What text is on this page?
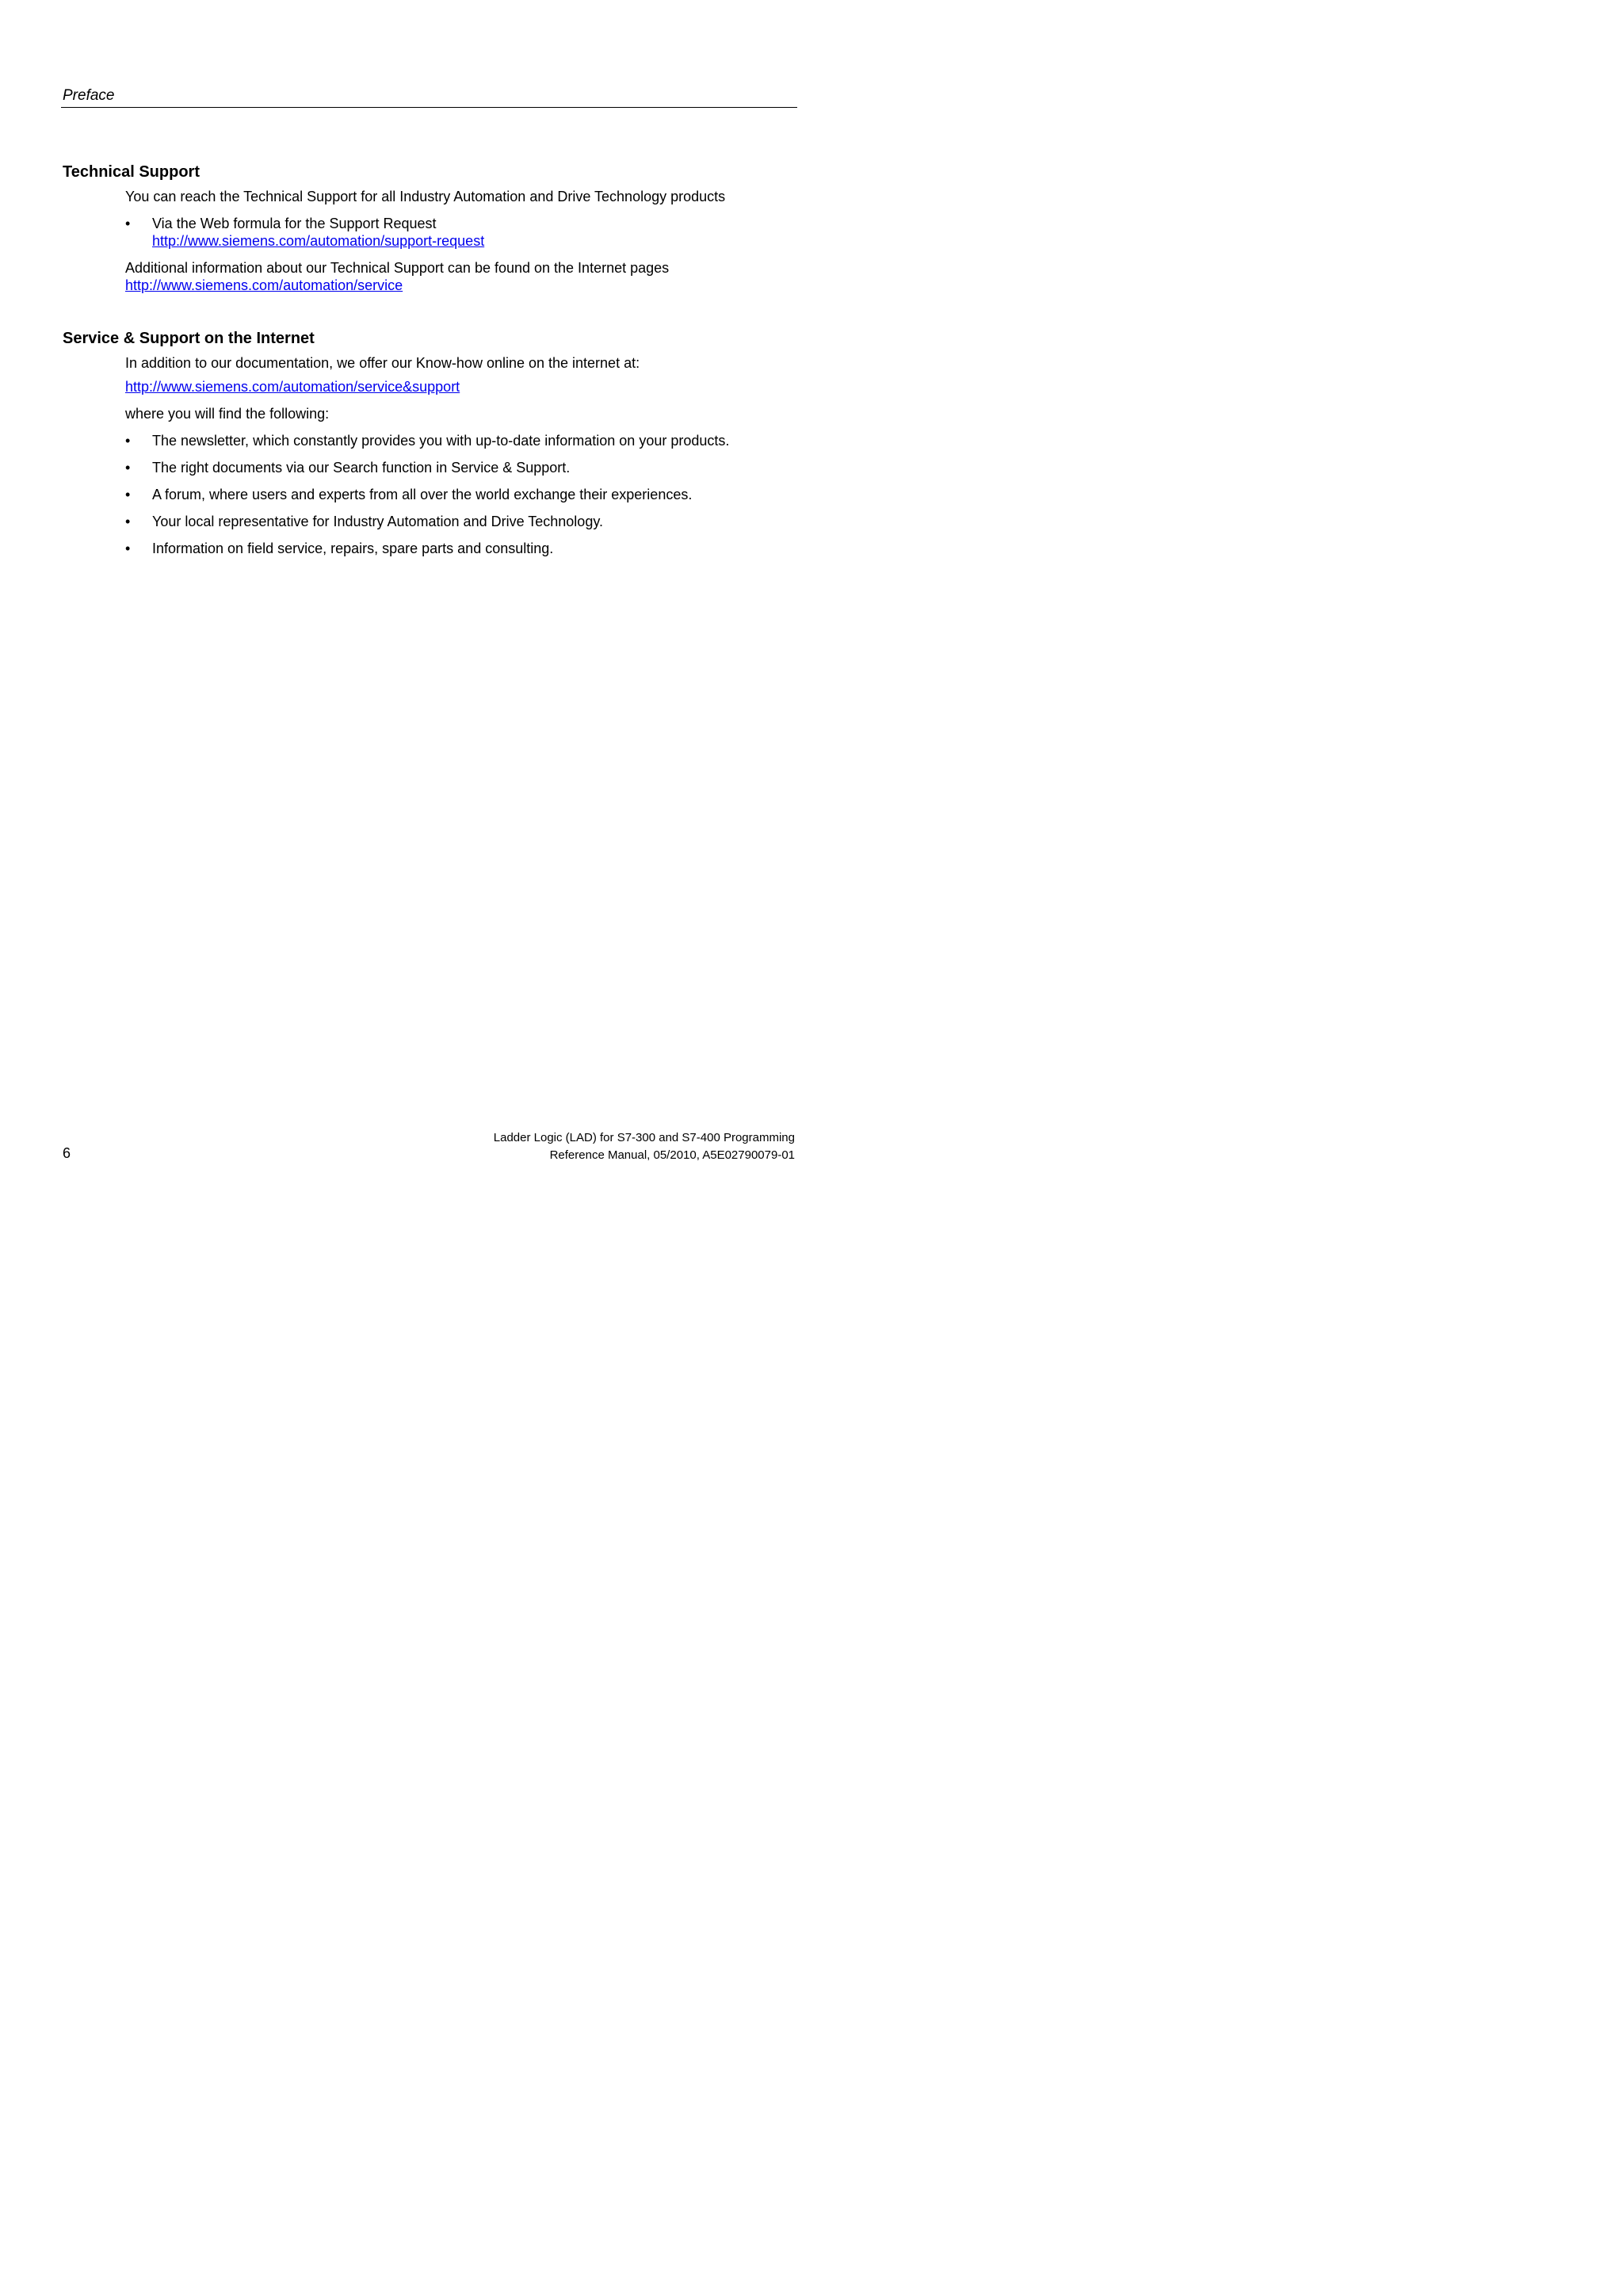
Preface
Technical Support
You can reach the Technical Support for all Industry Automation and Drive Technology products
•	Via the Web formula for the Support Request
http://www.siemens.com/automation/support-request
Additional information about our Technical Support can be found on the Internet pages
http://www.siemens.com/automation/service
Service & Support on the Internet
In addition to our documentation, we offer our Know-how online on the internet at:
http://www.siemens.com/automation/service&support
where you will find the following:
•	The newsletter, which constantly provides you with up-to-date information on your products.
•	The right documents via our Search function in Service & Support.
•	A forum, where users and experts from all over the world exchange their experiences.
•	Your local representative for Industry Automation and Drive Technology.
•	Information on field service, repairs, spare parts and consulting.
6
Ladder Logic (LAD) for S7-300 and S7-400 Programming
Reference Manual, 05/2010, A5E02790079-01
